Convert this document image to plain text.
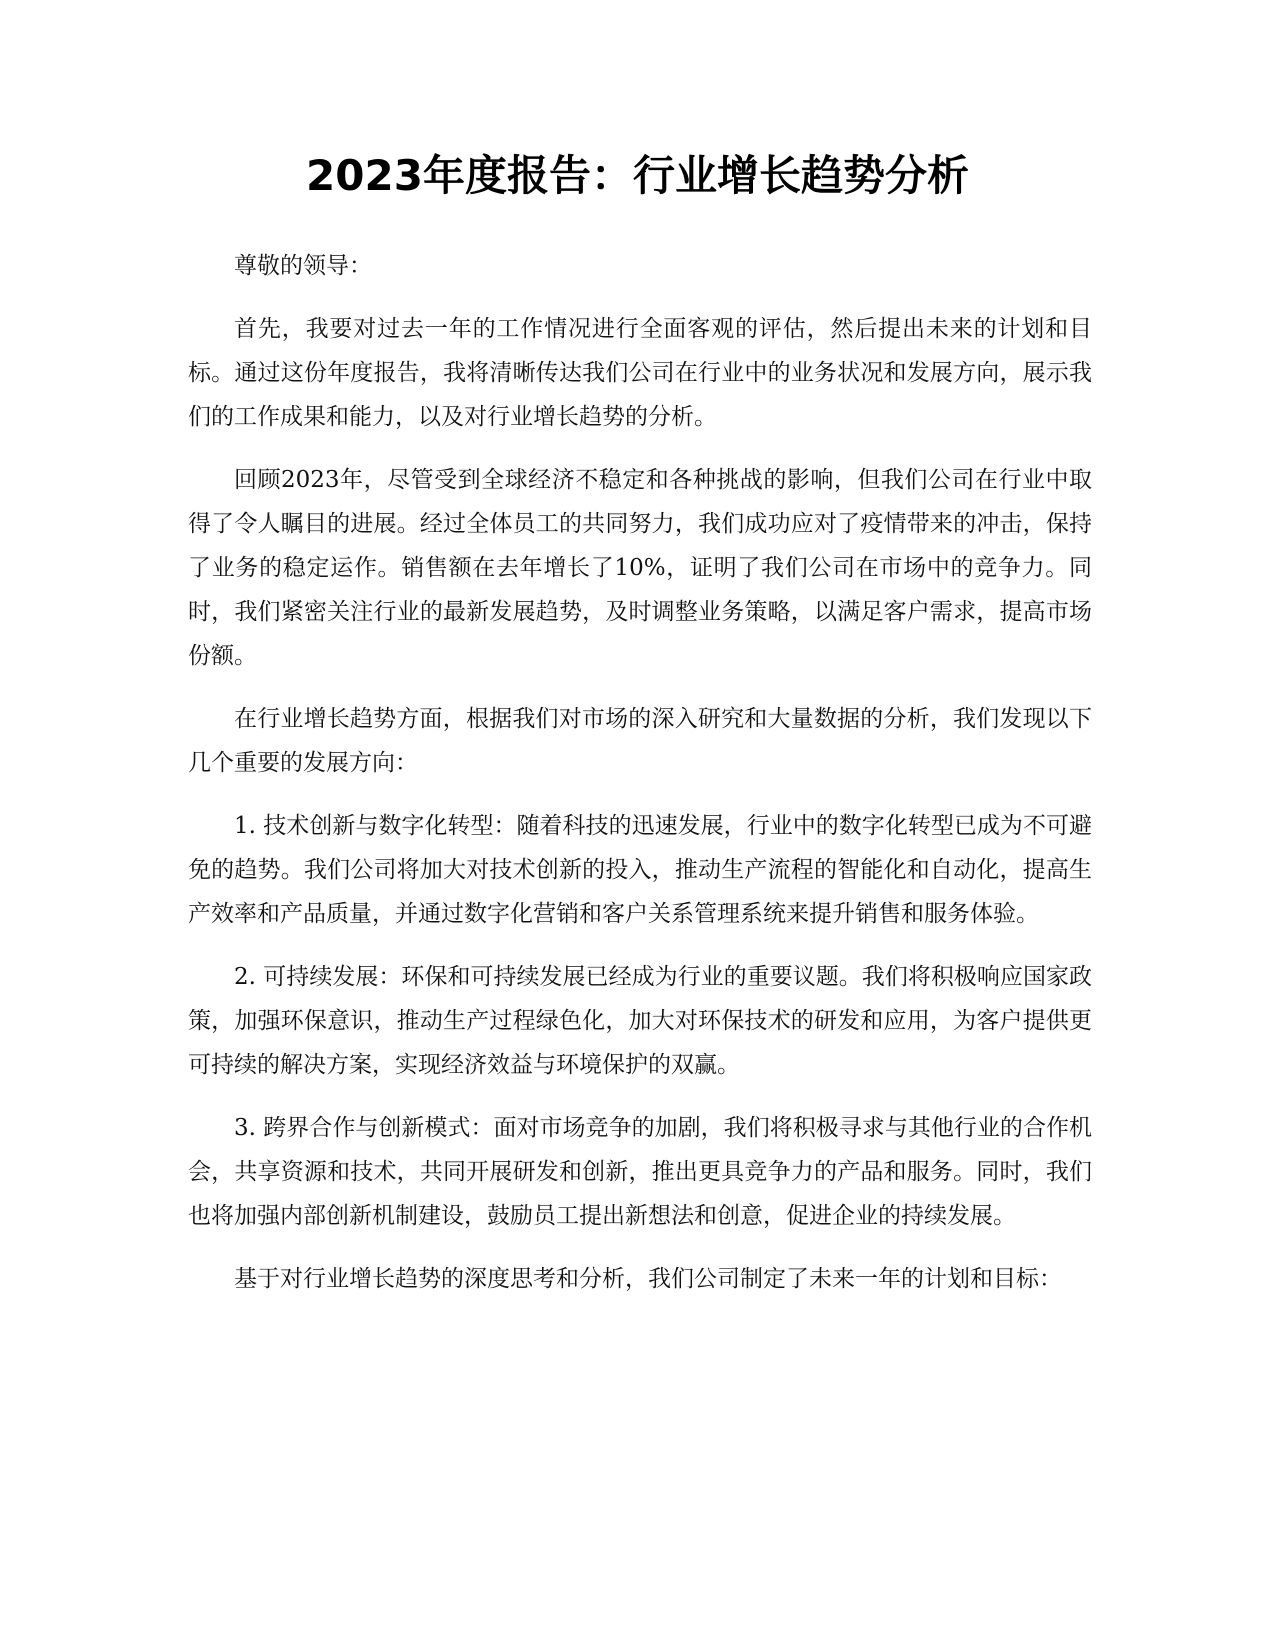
2023年度报告：行业增长趋势分析

尊敬的领导：

首先，我要对过去一年的工作情况进行全面客观的评估，然后提出未来的计划和目标。通过这份年度报告，我将清晰传达我们公司在行业中的业务状况和发展方向，展示我们的工作成果和能力，以及对行业增长趋势的分析。

回顾2023年，尽管受到全球经济不稳定和各种挑战的影响，但我们公司在行业中取得了令人瞩目的进展。经过全体员工的共同努力，我们成功应对了疫情带来的冲击，保持了业务的稳定运作。销售额在去年增长了10%，证明了我们公司在市场中的竞争力。同时，我们紧密关注行业的最新发展趋势，及时调整业务策略，以满足客户需求，提高市场份额。

在行业增长趋势方面，根据我们对市场的深入研究和大量数据的分析，我们发现以下几个重要的发展方向：

1. 技术创新与数字化转型：随着科技的迅速发展，行业中的数字化转型已成为不可避免的趋势。我们公司将加大对技术创新的投入，推动生产流程的智能化和自动化，提高生产效率和产品质量，并通过数字化营销和客户关系管理系统来提升销售和服务体验。

2. 可持续发展：环保和可持续发展已经成为行业的重要议题。我们将积极响应国家政策，加强环保意识，推动生产过程绿色化，加大对环保技术的研发和应用，为客户提供更可持续的解决方案，实现经济效益与环境保护的双赢。

3. 跨界合作与创新模式：面对市场竞争的加剧，我们将积极寻求与其他行业的合作机会，共享资源和技术，共同开展研发和创新，推出更具竞争力的产品和服务。同时，我们也将加强内部创新机制建设，鼓励员工提出新想法和创意，促进企业的持续发展。

基于对行业增长趋势的深度思考和分析，我们公司制定了未来一年的计划和目标：
